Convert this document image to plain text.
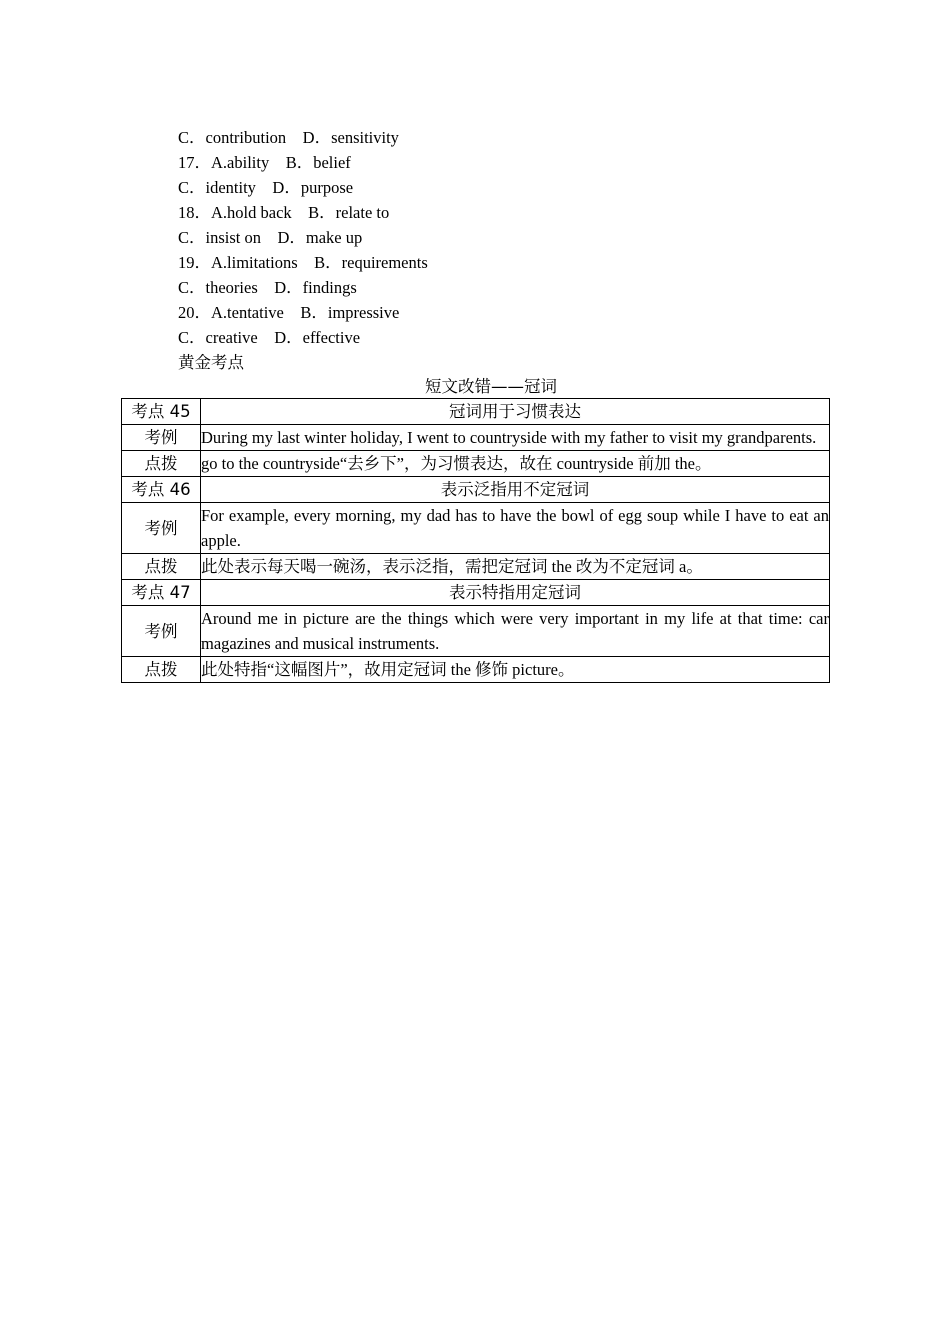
C．contribution　D．sensitivity
17．A.ability　B．belief
C．identity　D．purpose
18．A.hold back　B．relate to
C．insist on　D．make up
19．A.limitations　B．requirements
C．theories　D．findings
20．A.tentative　B．impressive
C．creative　D．effective
黄金考点
短文改错——冠词
考点 45	冠词用于习惯表达
考例	During my last winter holiday, I went to countryside with my father to visit my grandparents.
点拨	go to the countryside“去乡下”，为习惯表达，故在 countryside 前加 the。
考点 46	表示泛指用不定冠词
考例	For example, every morning, my dad has to have the bowl of egg soup while I have to eat an apple.
点拨	此处表示每天喝一碗汤，表示泛指，需把定冠词 the 改为不定冠词 a。
考点 47	表示特指用定冠词
考例	Around me in picture are the things which were very important in my life at that time: car magazines and musical instruments.
点拨	此处特指“这幅图片”，故用定冠词 the 修饰 picture。
